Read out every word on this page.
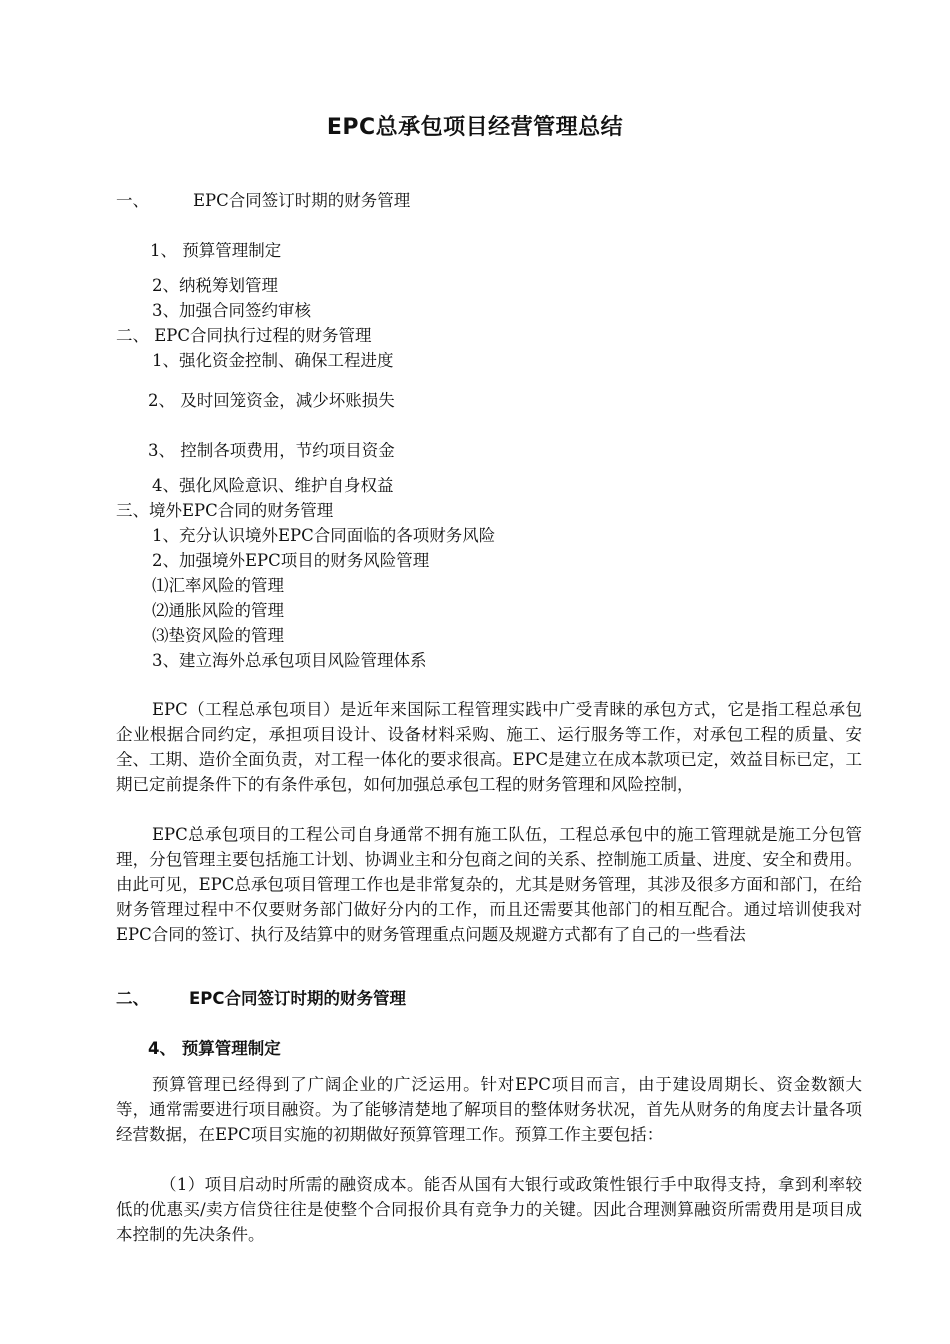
EPC总承包项目经营管理总结
一、	EPC合同签订时期的财务管理
1、 预算管理制定
2、纳税筹划管理
3、加强合同签约审核
二、 EPC合同执行过程的财务管理
1、强化资金控制、确保工程进度
2、 及时回笼资金，减少坏账损失
3、 控制各项费用，节约项目资金
4、强化风险意识、维护自身权益
三、境外EPC合同的财务管理
1、充分认识境外EPC合同面临的各项财务风险
2、加强境外EPC项目的财务风险管理
⑴汇率风险的管理
⑵通胀风险的管理
⑶垫资风险的管理
3、建立海外总承包项目风险管理体系
EPC（工程总承包项目）是近年来国际工程管理实践中广受青睐的承包方式，它是指工程总承包企业根据合同约定，承担项目设计、设备材料采购、施工、运行服务等工作，对承包工程的质量、安全、工期、造价全面负责，对工程一体化的要求很高。EPC是建立在成本款项已定，效益目标已定，工期已定前提条件下的有条件承包，如何加强总承包工程的财务管理和风险控制，
EPC总承包项目的工程公司自身通常不拥有施工队伍，工程总承包中的施工管理就是施工分包管理，分包管理主要包括施工计划、协调业主和分包商之间的关系、控制施工质量、进度、安全和费用。由此可见，EPC总承包项目管理工作也是非常复杂的，尤其是财务管理，其涉及很多方面和部门，在给财务管理过程中不仅要财务部门做好分内的工作，而且还需要其他部门的相互配合。通过培训使我对EPC合同的签订、执行及结算中的财务管理重点问题及规避方式都有了自己的一些看法
二、 EPC合同签订时期的财务管理
4、 预算管理制定
预算管理已经得到了广阔企业的广泛运用。针对EPC项目而言，由于建设周期长、资金数额大等，通常需要进行项目融资。为了能够清楚地了解项目的整体财务状况，首先从财务的角度去计量各项经营数据，在EPC项目实施的初期做好预算管理工作。预算工作主要包括：
（1）项目启动时所需的融资成本。能否从国有大银行或政策性银行手中取得支持，拿到利率较低的优惠买/卖方信贷往往是使整个合同报价具有竞争力的关键。因此合理测算融资所需费用是项目成本控制的先决条件。
